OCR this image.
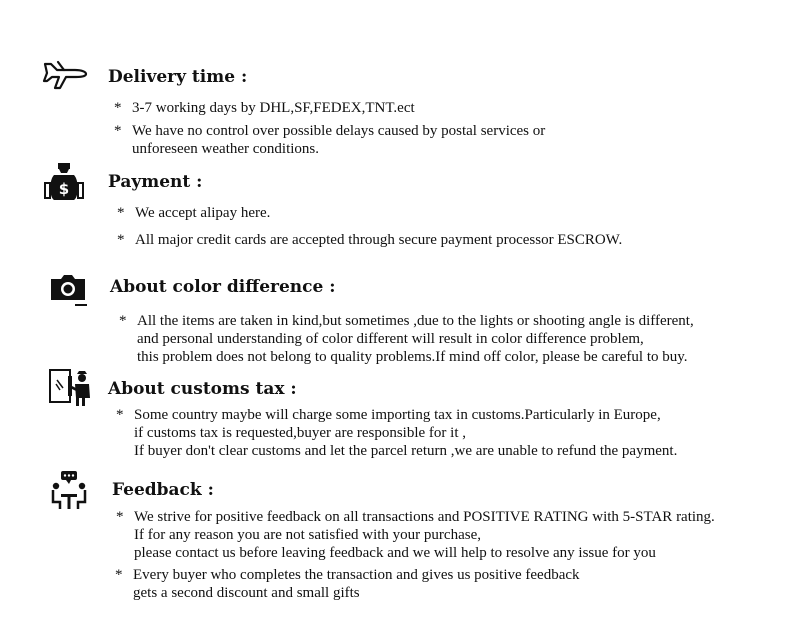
Delivery time :
* 3-7 working days by DHL,SF,FEDEX,TNT.ect
* We have no control over possible delays caused by postal services or
unforeseen weather conditions.
$ Payment :
* We accept alipay here.
* All major credit cards are accepted through secure payment processor ESCROW.
About color difference :
* All the items are taken in kind,but sometimes ,due to the lights or shooting angle is different,
and personal understanding of color different will result in color difference problem,
this problem does not belong to quality problems.If mind off color, please be careful to buy.
About customs tax :
* Some country maybe will charge some importing tax in customs.Particularly in Europe,
if customs tax is requested,buyer are responsible for it ,
If buyer don't clear customs and let the parcel return ,we are unable to refund the payment.
Feedback :
* We strive for positive feedback on all transactions and POSITIVE RATING with 5-STAR rating.
If for any reason you are not satisfied with your purchase,
please contact us before leaving feedback and we will help to resolve any issue for you
* Every buyer who completes the transaction and gives us positive feedback
gets a second discount and small gifts
